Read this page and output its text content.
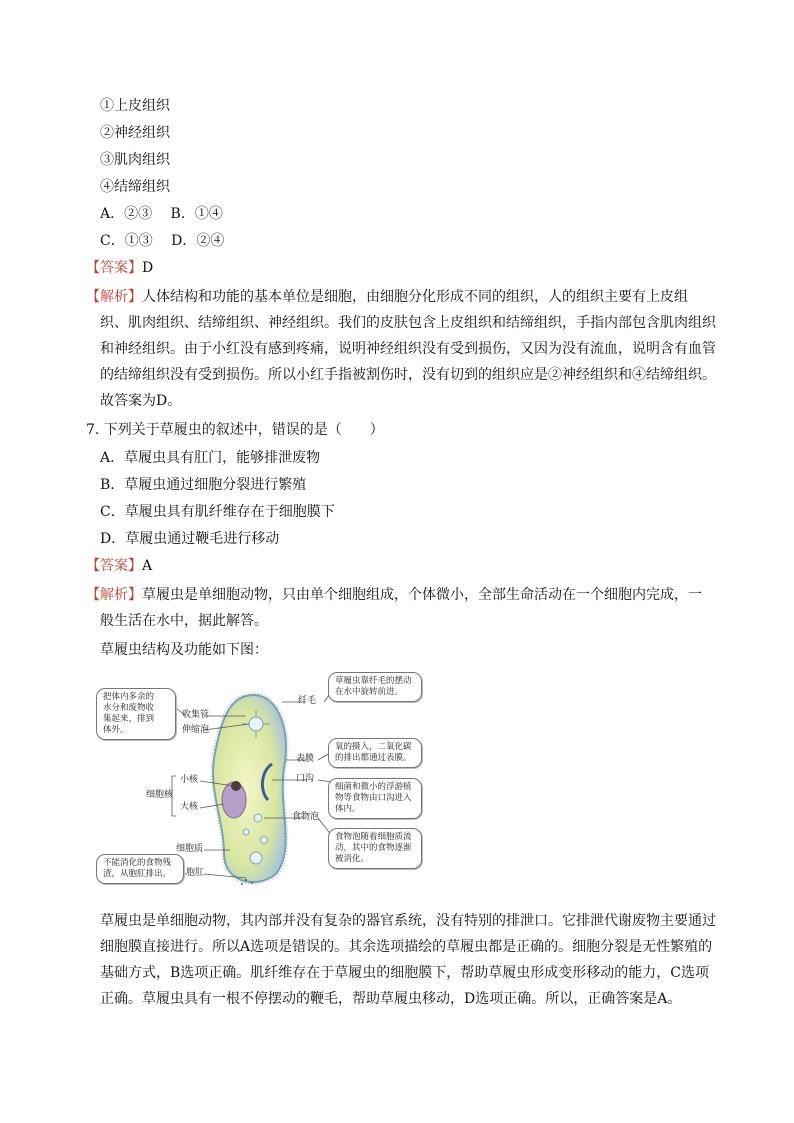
①上皮组织
②神经组织
③肌肉组织
④结缔组织
A．②③　 B．①④
C．①③　 D．②④
【答案】D
【解析】人体结构和功能的基本单位是细胞，由细胞分化形成不同的组织，人的组织主要有上皮组
织、肌肉组织、结缔组织、神经组织。我们的皮肤包含上皮组织和结缔组织，手指内部包含肌肉组织
和神经组织。由于小红没有感到疼痛，说明神经组织没有受到损伤，又因为没有流血，说明含有血管
的结缔组织没有受到损伤。所以小红手指被割伤时，没有切到的组织应是②神经组织和④结缔组织。
故答案为D。
7. 下列关于草履虫的叙述中，错误的是（　　）
A．草履虫具有肛门，能够排泄废物
B．草履虫通过细胞分裂进行繁殖
C．草履虫具有肌纤维存在于细胞膜下
D．草履虫通过鞭毛进行移动
【答案】A
【解析】草履虫是单细胞动物，只由单个细胞组成，个体微小，全部生命活动在一个细胞内完成，一
般生活在水中，据此解答。
草履虫结构及功能如下图：
把体内多余的
水分和废物收
集起来，排到
体外。
不能消化的食物残
渣，从胞肛排出。
收集管
伸缩泡
小核
细胞核
大核
细胞质
胞肛
纤毛
表膜
口沟
食物泡
草履虫靠纤毛的摆动
在水中旋转前进。
氧的摄入，二氧化碳
的排出都通过表膜。
细菌和微小的浮游植
物等食物由口沟进入
体内。
食物泡随着细胞质流
动，其中的食物逐渐
被消化。
草履虫是单细胞动物，其内部并没有复杂的器官系统，没有特别的排泄口。它排泄代谢废物主要通过
细胞膜直接进行。所以A选项是错误的。其余选项描绘的草履虫都是正确的。细胞分裂是无性繁殖的
基础方式，B选项正确。肌纤维存在于草履虫的细胞膜下，帮助草履虫形成变形移动的能力，C选项
正确。草履虫具有一根不停摆动的鞭毛，帮助草履虫移动，D选项正确。所以，正确答案是A。
